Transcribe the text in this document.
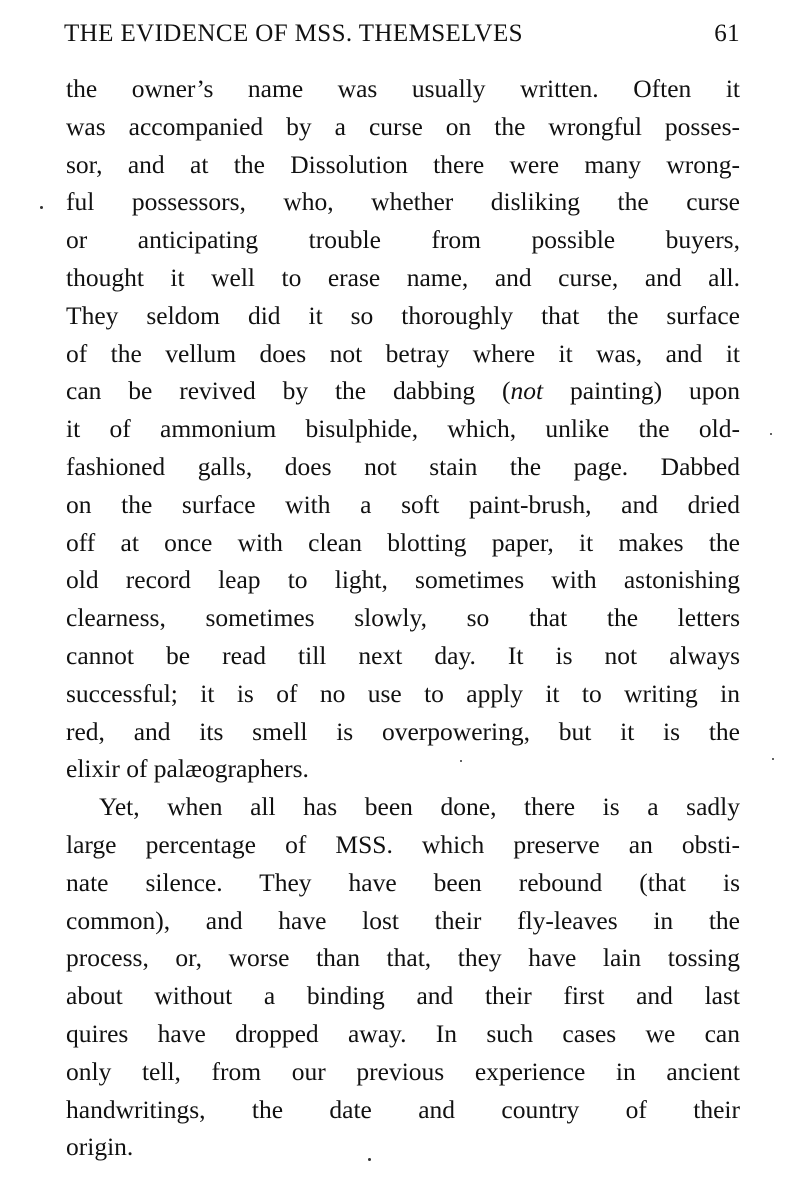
THE EVIDENCE OF MSS. THEMSELVES	61
the owner’s name was usually written. Often it
was accompanied by a curse on the wrongful posses-
sor, and at the Dissolution there were many wrong-
ful possessors, who, whether disliking the curse
or anticipating trouble from possible buyers,
thought it well to erase name, and curse, and all.
They seldom did it so thoroughly that the surface
of the vellum does not betray where it was, and it
can be revived by the dabbing (not painting) upon
it of ammonium bisulphide, which, unlike the old-
fashioned galls, does not stain the page. Dabbed
on the surface with a soft paint-brush, and dried
off at once with clean blotting paper, it makes the
old record leap to light, sometimes with astonishing
clearness, sometimes slowly, so that the letters
cannot be read till next day. It is not always
successful; it is of no use to apply it to writing in
red, and its smell is overpowering, but it is the
elixir of palæographers.
Yet, when all has been done, there is a sadly
large percentage of MSS. which preserve an obsti-
nate silence. They have been rebound (that is
common), and have lost their fly-leaves in the
process, or, worse than that, they have lain tossing
about without a binding and their first and last
quires have dropped away. In such cases we can
only tell, from our previous experience in ancient
handwritings, the date and country of their
origin.
